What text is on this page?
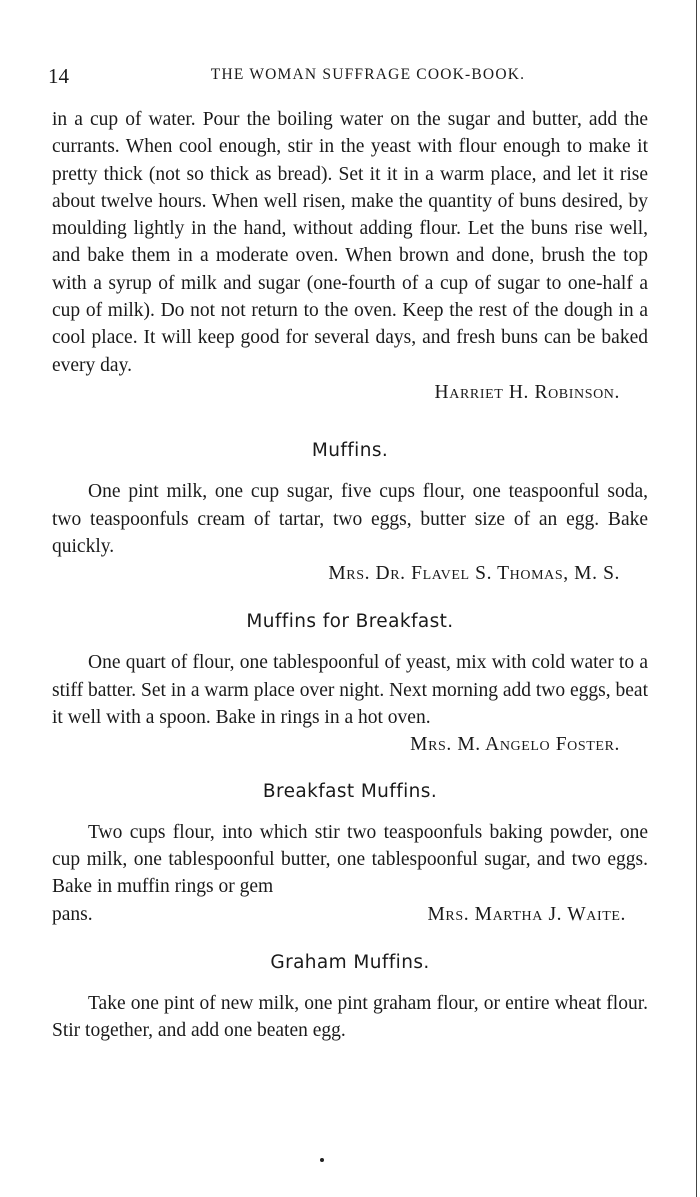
14	THE WOMAN SUFFRAGE COOK-BOOK.

in a cup of water. Pour the boiling water on the sugar and butter, add the currants. When cool enough, stir in the yeast with flour enough to make it pretty thick (not so thick as bread). Set it it in a warm place, and let it rise about twelve hours. When well risen, make the quantity of buns desired, by moulding lightly in the hand, without adding flour. Let the buns rise well, and bake them in a moderate oven. When brown and done, brush the top with a syrup of milk and sugar (one-fourth of a cup of sugar to one-half a cup of milk). Do not not return to the oven. Keep the rest of the dough in a cool place. It will keep good for several days, and fresh buns can be baked every day.

Harriet H. Robinson.

Muffins.

One pint milk, one cup sugar, five cups flour, one teaspoonful soda, two teaspoonfuls cream of tartar, two eggs, butter size of an egg. Bake quickly.

Mrs. Dr. Flavel S. Thomas, M. S.

Muffins for Breakfast.

One quart of flour, one tablespoonful of yeast, mix with cold water to a stiff batter. Set in a warm place over night. Next morning add two eggs, beat it well with a spoon. Bake in rings in a hot oven.

Mrs. M. Angelo Foster.

Breakfast Muffins.

Two cups flour, into which stir two teaspoonfuls baking powder, one cup milk, one tablespoonful butter, one tablespoonful sugar, and two eggs. Bake in muffin rings or gem

pans.	Mrs. Martha J. Waite.
Graham Muffins.

Take one pint of new milk, one pint graham flour, or entire wheat flour. Stir together, and add one beaten egg.
